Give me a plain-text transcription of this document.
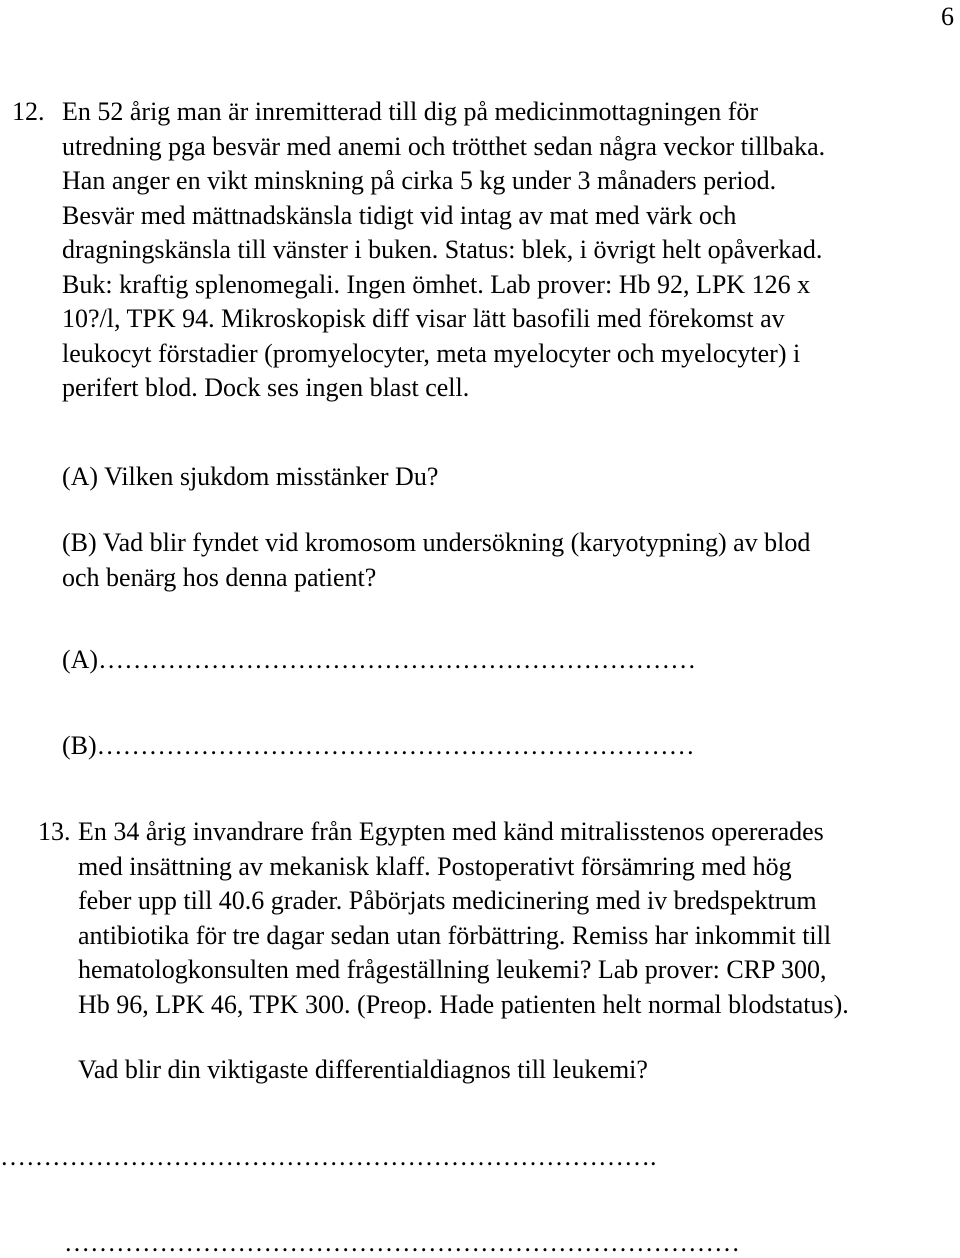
6
12. En 52 årig man är inremitterad till dig på medicinmottagningen för
utredning pga besvär med anemi och trötthet sedan några veckor tillbaka.
Han anger en vikt minskning på cirka 5 kg under 3 månaders period.
Besvär med mättnadskänsla tidigt vid intag av mat med värk och
dragningskänsla till vänster i buken. Status: blek, i övrigt helt opåverkad.
Buk: kraftig splenomegali. Ingen ömhet. Lab prover: Hb 92, LPK 126 x
10?/l, TPK 94. Mikroskopisk diff visar lätt basofili med förekomst av
leukocyt förstadier (promyelocyter, meta myelocyter och myelocyter) i
perifert blod. Dock ses ingen blast cell.
(A) Vilken sjukdom misstänker Du?
(B) Vad blir fyndet vid kromosom undersökning (karyotypning) av blod
och benärg hos denna patient?
(A)……………………………………………………………
(B)……………………………………………………………
13. En 34 årig invandrare från Egypten med känd mitralisstenos opererades
med insättning av mekanisk klaff. Postoperativt försämring med hög
feber upp till 40.6 grader. Påbörjats medicinering med iv bredspektrum
antibiotika för tre dagar sedan utan förbättring. Remiss har inkommit till
hematologkonsulten med frågeställning leukemi? Lab prover: CRP 300,
Hb 96, LPK 46, TPK 300. (Preop. Hade patienten helt normal blodstatus).
Vad blir din viktigaste differentialdiagnos till leukemi?
………………………………………………………………….
……………………………………………………………………
